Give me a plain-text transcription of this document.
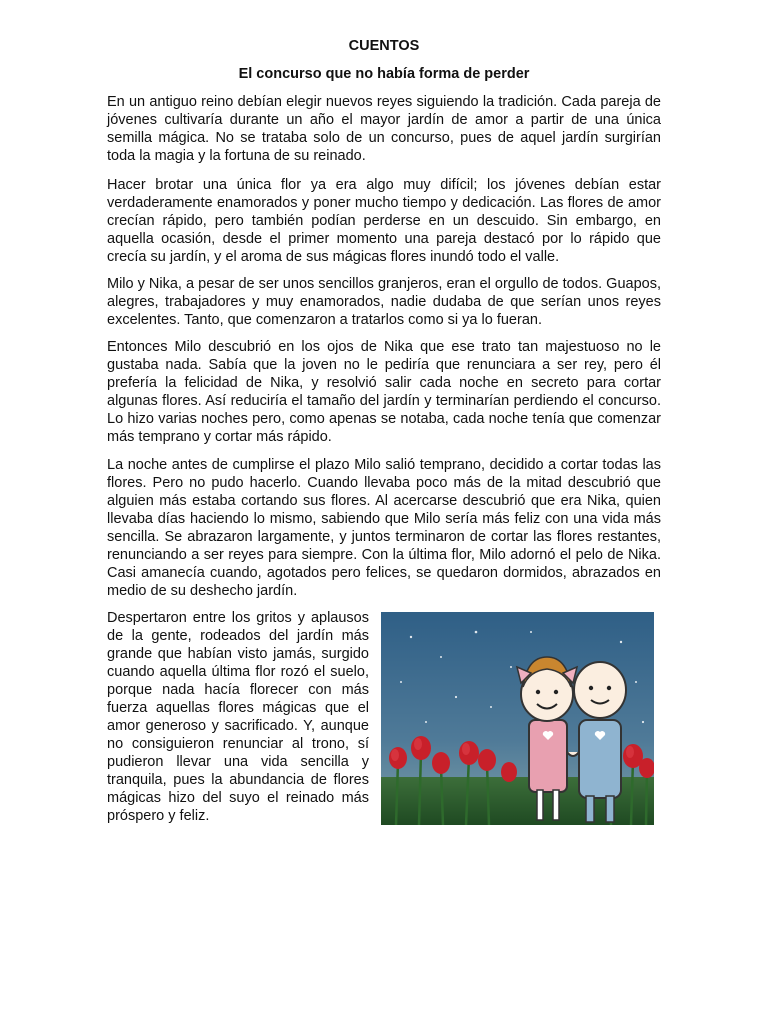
CUENTOS
El concurso que no había forma de perder

En un antiguo reino debían elegir nuevos reyes siguiendo la tradición. Cada pareja de jóvenes cultivaría durante un año el mayor jardín de amor a partir de una única semilla mágica. No se trataba solo de un concurso, pues de aquel jardín surgirían toda la magia y la fortuna de su reinado.

Hacer brotar una única flor ya era algo muy difícil; los jóvenes debían estar verdaderamente enamorados y poner mucho tiempo y dedicación. Las flores de amor crecían rápido, pero también podían perderse en un descuido. Sin embargo, en aquella ocasión, desde el primer momento una pareja destacó por lo rápido que crecía su jardín, y el aroma de sus mágicas flores inundó todo el valle.

Milo y Nika, a pesar de ser unos sencillos granjeros, eran el orgullo de todos. Guapos, alegres, trabajadores y muy enamorados, nadie dudaba de que serían unos reyes excelentes. Tanto, que comenzaron a tratarlos como si ya lo fueran.

Entonces Milo descubrió en los ojos de Nika que ese trato tan majestuoso no le gustaba nada. Sabía que la joven no le pediría que renunciara a ser rey, pero él prefería la felicidad de Nika, y resolvió salir cada noche en secreto para cortar algunas flores. Así reduciría el tamaño del jardín y terminarían perdiendo el concurso. Lo hizo varias noches pero, como apenas se notaba, cada noche tenía que comenzar más temprano y cortar más rápido.

La noche antes de cumplirse el plazo Milo salió temprano, decidido a cortar todas las flores. Pero no pudo hacerlo. Cuando llevaba poco más de la mitad descubrió que alguien más estaba cortando sus flores. Al acercarse descubrió que era Nika, quien llevaba días haciendo lo mismo, sabiendo que Milo sería más feliz con una vida más sencilla. Se abrazaron largamente, y juntos terminaron de cortar las flores restantes, renunciando a ser reyes para siempre. Con la última flor, Milo adornó el pelo de Nika. Casi amanecía cuando, agotados pero felices, se quedaron dormidos, abrazados en medio de su deshecho jardín.

Despertaron entre los gritos y aplausos de la gente, rodeados del jardín más grande que habían visto jamás, surgido cuando aquella última flor rozó el suelo, porque nada hacía florecer con más fuerza aquellas flores mágicas que el amor generoso y sacrificado. Y, aunque no consiguieron renunciar al trono, sí pudieron llevar una vida sencilla y tranquila, pues la abundancia de flores mágicas hizo del suyo el reinado más próspero y feliz.
